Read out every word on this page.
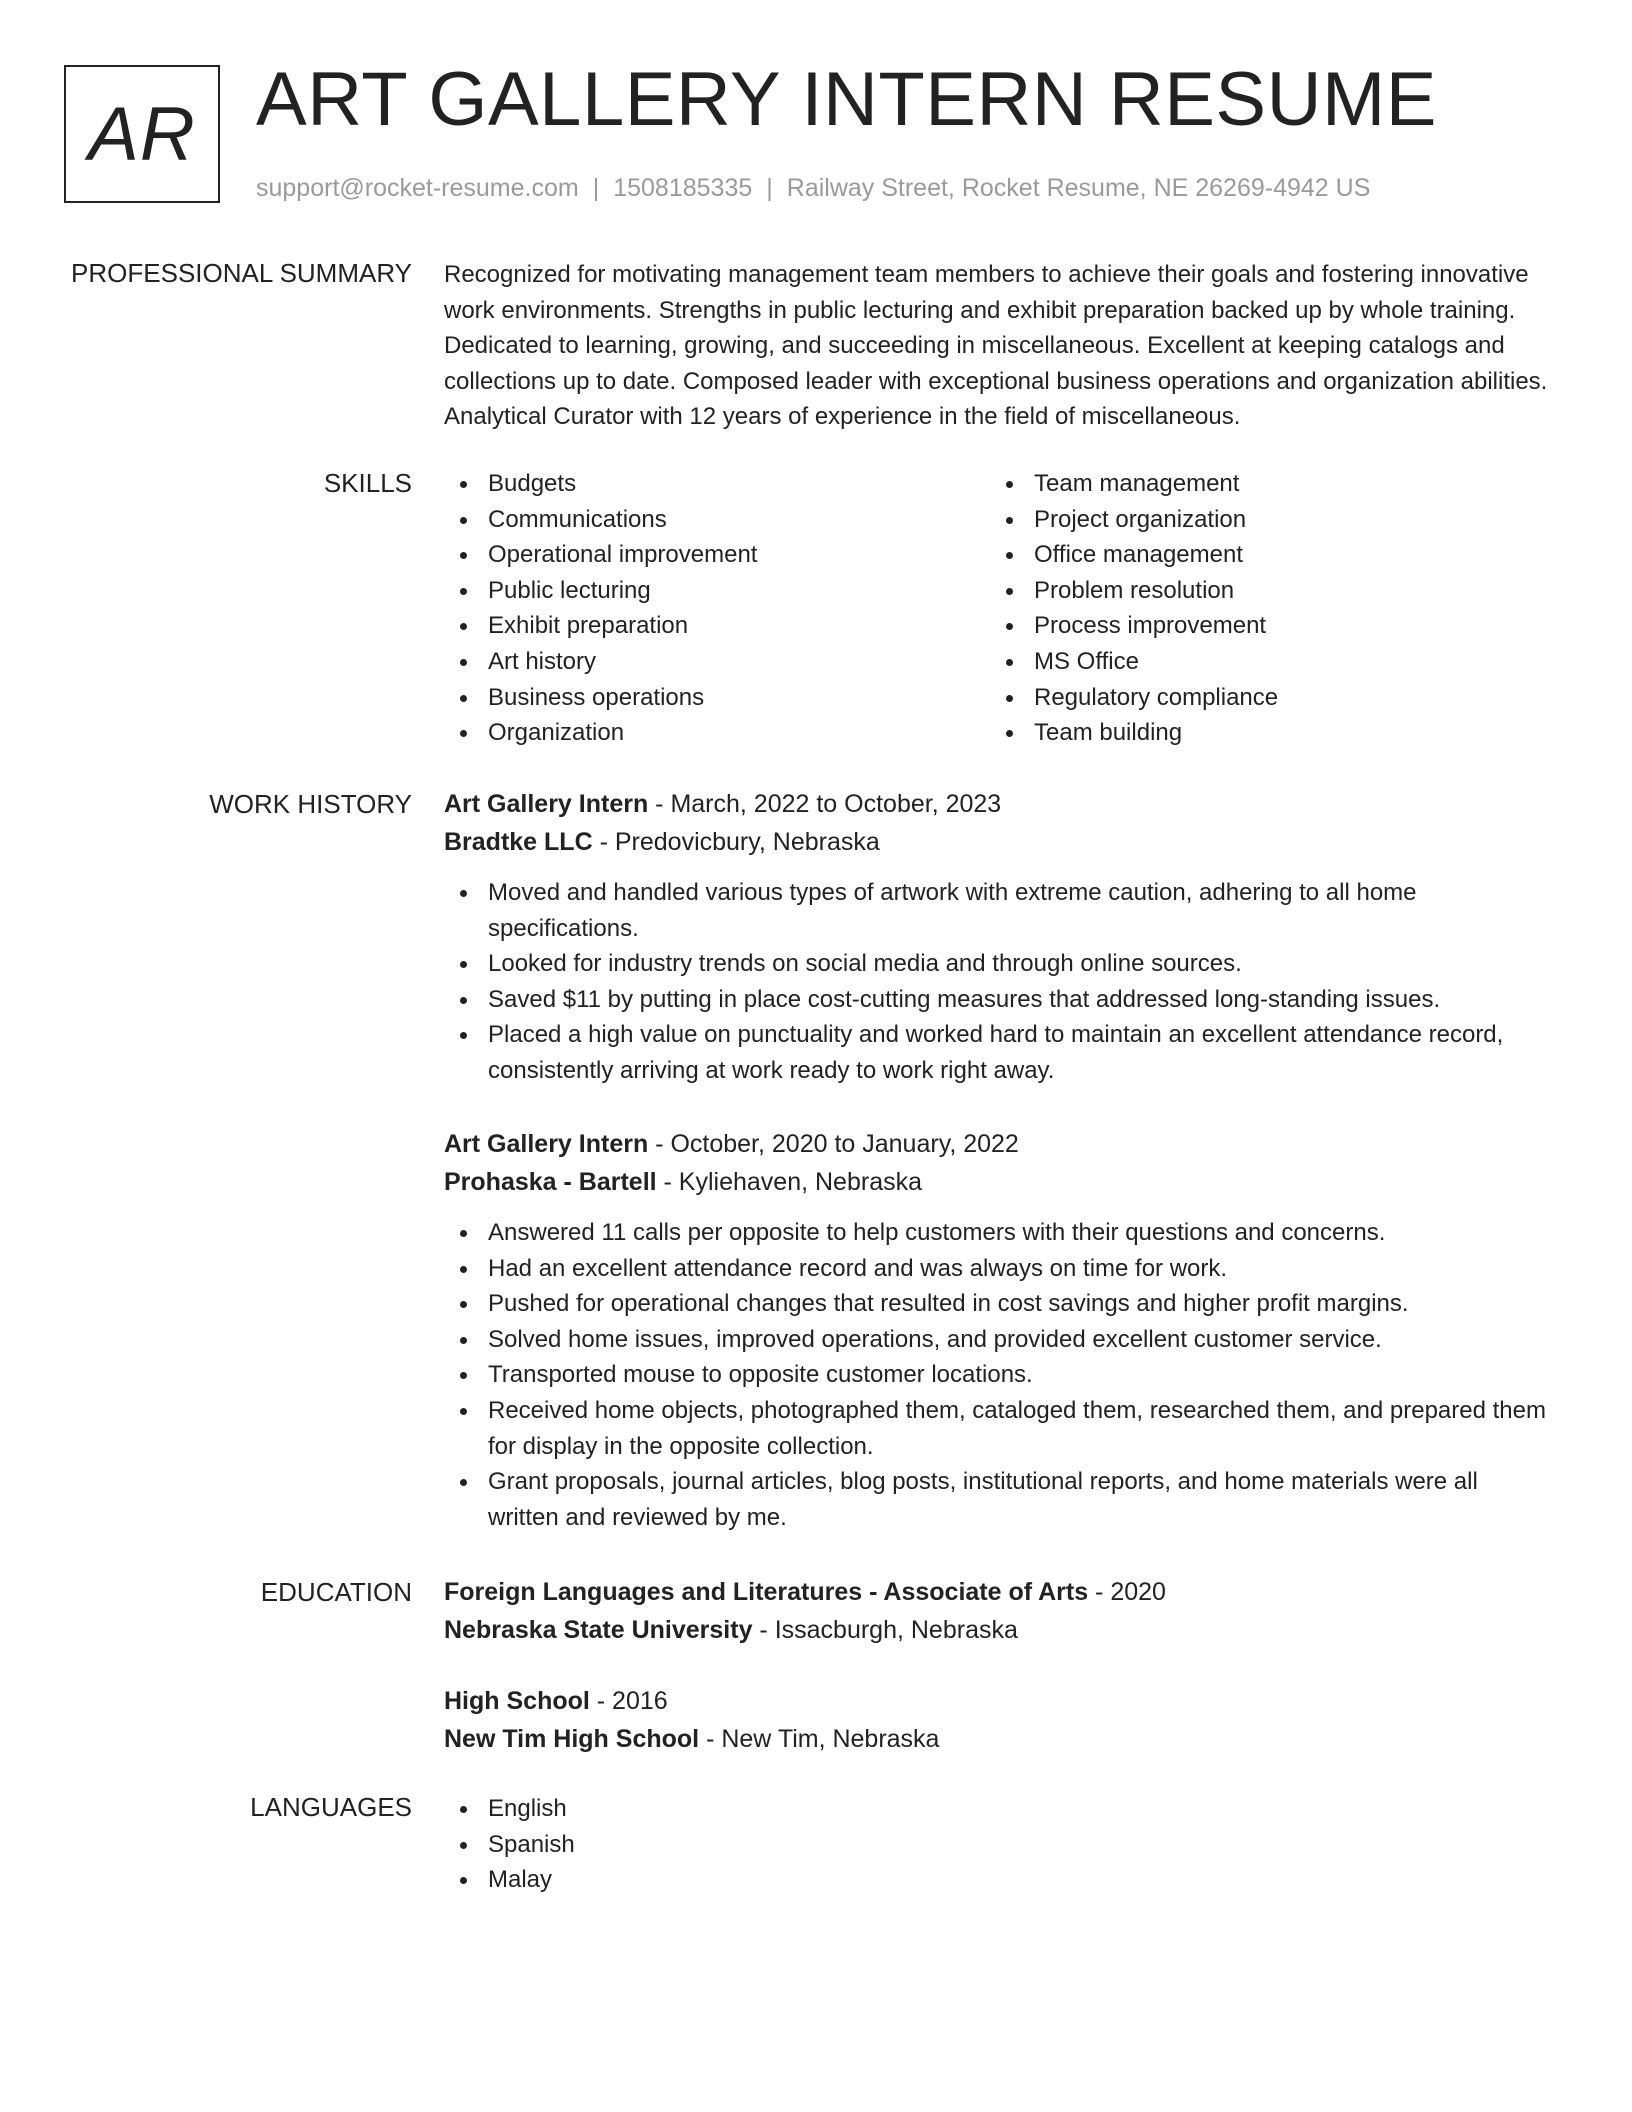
AR ART GALLERY INTERN RESUME
support@rocket-resume.com | 1508185335 | Railway Street, Rocket Resume, NE 26269-4942 US
PROFESSIONAL SUMMARY Recognized for motivating management team members to achieve their goals and fostering innovative work environments. Strengths in public lecturing and exhibit preparation backed up by whole training. Dedicated to learning, growing, and succeeding in miscellaneous. Excellent at keeping catalogs and collections up to date. Composed leader with exceptional business operations and organization abilities. Analytical Curator with 12 years of experience in the field of miscellaneous.

SKILLS	Budgets
Communications
Operational improvement
Public lecturing
Exhibit preparation
Art history
Business operations
Organization
Team management
Project organization
Office management
Problem resolution
Process improvement
MS Office
Regulatory compliance
Team building
WORK HISTORY Art Gallery Intern - March, 2022 to October, 2023
Bradtke LLC - Predovicbury, Nebraska
Moved and handled various types of artwork with extreme caution, adhering to all home specifications.
Looked for industry trends on social media and through online sources.
Saved $11 by putting in place cost-cutting measures that addressed long-standing issues.
Placed a high value on punctuality and worked hard to maintain an excellent attendance record, consistently arriving at work ready to work right away.
Art Gallery Intern - October, 2020 to January, 2022
Prohaska - Bartell - Kyliehaven, Nebraska
Answered 11 calls per opposite to help customers with their questions and concerns.
Had an excellent attendance record and was always on time for work.
Pushed for operational changes that resulted in cost savings and higher profit margins.
Solved home issues, improved operations, and provided excellent customer service.
Transported mouse to opposite customer locations.
Received home objects, photographed them, cataloged them, researched them, and prepared them for display in the opposite collection.
Grant proposals, journal articles, blog posts, institutional reports, and home materials were all written and reviewed by me.
EDUCATION Foreign Languages and Literatures - Associate of Arts - 2020
Nebraska State University - Issacburgh, Nebraska
High School - 2016
New Tim High School - New Tim, Nebraska
LANGUAGES	English
Spanish
Malay
